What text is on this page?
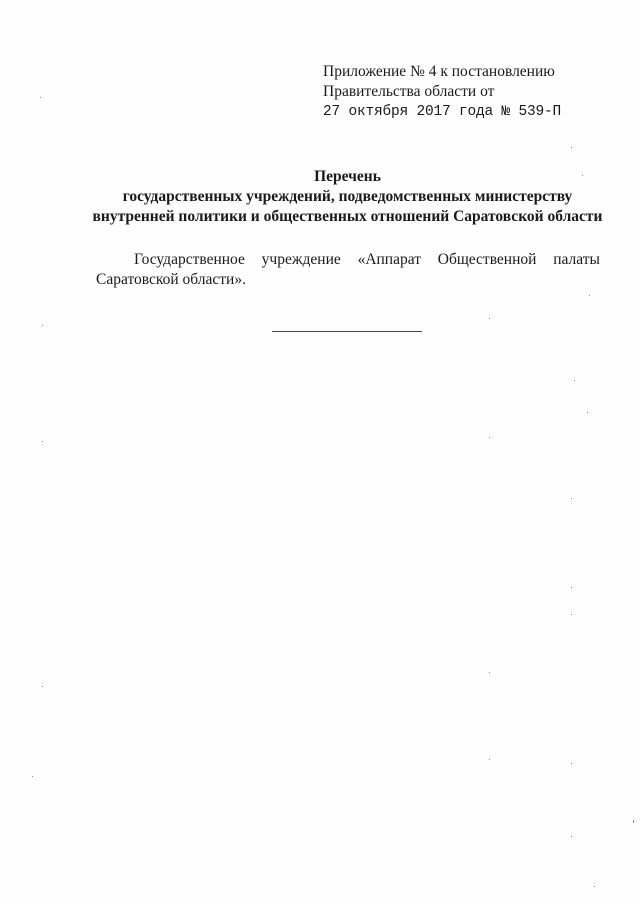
Приложение № 4 к постановлению
Правительства области от
27 октября 2017 года № 539-П
Перечень
государственных учреждений, подведомственных министерству
внутренней политики и общественных отношений Саратовской области
Государственное учреждение «Аппарат Общественной палаты
Саратовской области».
